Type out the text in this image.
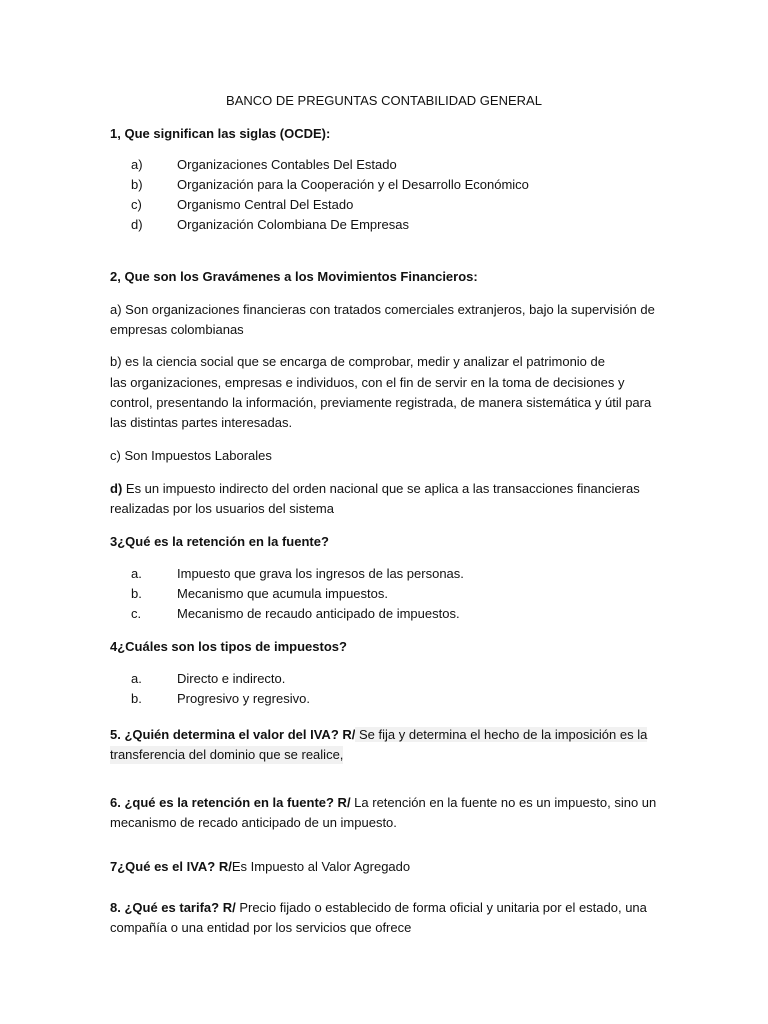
BANCO DE PREGUNTAS CONTABILIDAD GENERAL
1, Que significan las siglas (OCDE):
a)	Organizaciones Contables Del Estado
b)	Organización para la Cooperación y el Desarrollo Económico
c)	Organismo Central Del Estado
d)	Organización Colombiana De Empresas
2, Que son los Gravámenes a los Movimientos Financieros:
a) Son organizaciones financieras con tratados comerciales extranjeros, bajo la supervisión de
empresas colombianas
b) es la ciencia social que se encarga de comprobar, medir y analizar el patrimonio de
las organizaciones, empresas e individuos, con el fin de servir en la toma de decisiones y
control, presentando la información, previamente registrada, de manera sistemática y útil para
las distintas partes interesadas.
c) Son Impuestos Laborales
d) Es un impuesto indirecto del orden nacional que se aplica a las transacciones financieras
realizadas por los usuarios del sistema
3¿Qué es la retención en la fuente?
a.	Impuesto que grava los ingresos de las personas.
b.	Mecanismo que acumula impuestos.
c.	Mecanismo de recaudo anticipado de impuestos.
4¿Cuáles son los tipos de impuestos?
a.	Directo e indirecto.
b.	Progresivo y regresivo.
5. ¿Quién determina el valor del IVA? R/ Se fija y determina el hecho de la imposición es la
transferencia del dominio que se realice,
6. ¿qué es la retención en la fuente? R/ La retención en la fuente no es un impuesto, sino un
mecanismo de recado anticipado de un impuesto.
7¿Qué es el IVA? R/Es Impuesto al Valor Agregado
8. ¿Qué es tarifa? R/ Precio fijado o establecido de forma oficial y unitaria por el estado, una
compañía o una entidad por los servicios que ofrece
